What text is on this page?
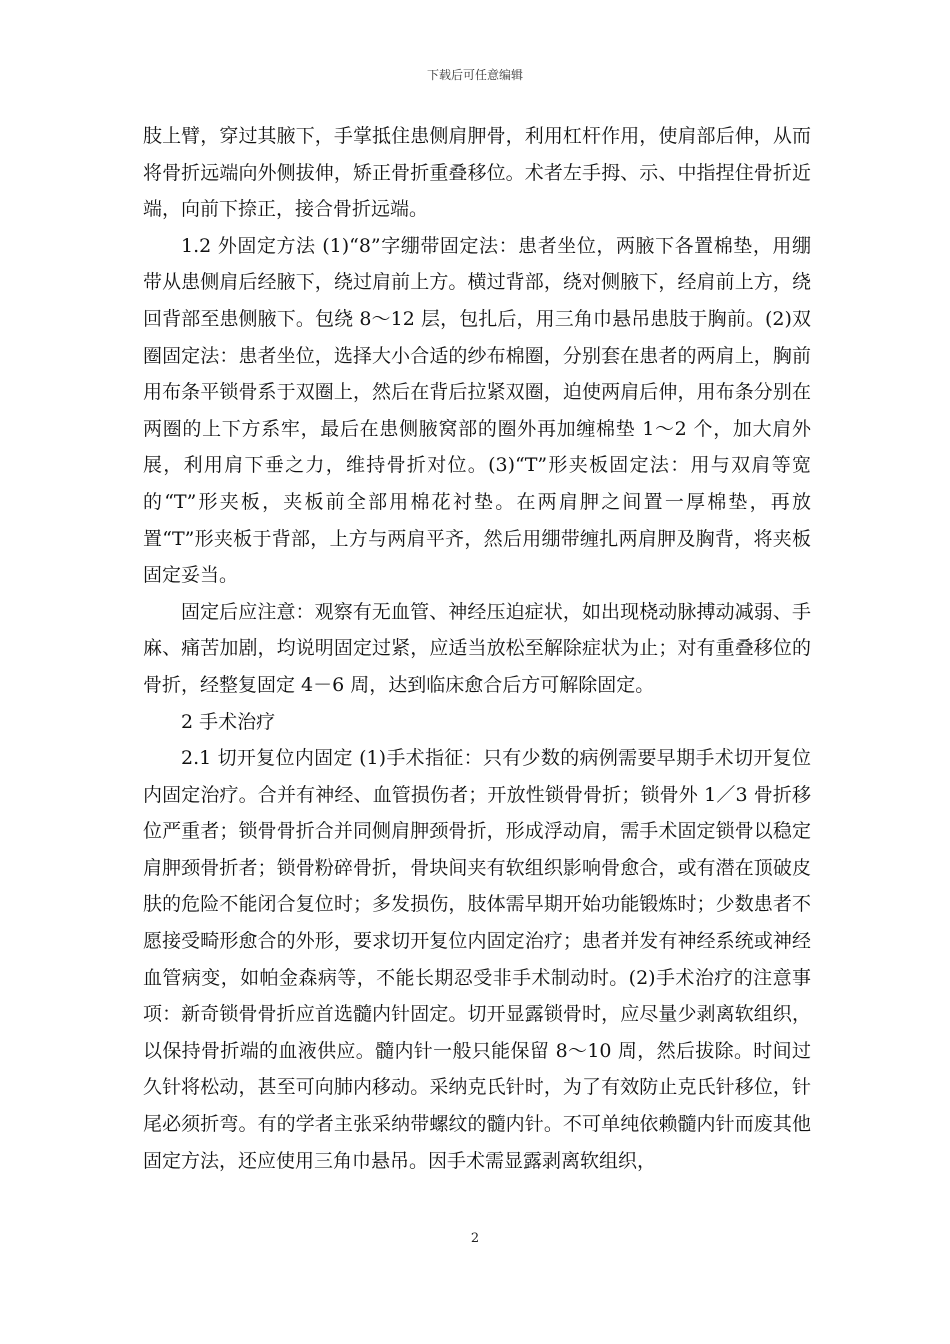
下载后可任意编辑

肢上臂，穿过其腋下，手掌抵住患侧肩胛骨，利用杠杆作用，使肩部后伸，从而将骨折远端向外侧拔伸，矫正骨折重叠移位。术者左手拇、示、中指捏住骨折近端，向前下捺正，接合骨折远端。

1.2 外固定方法 (1)“8”字绷带固定法：患者坐位，两腋下各置棉垫，用绷带从患侧肩后经腋下，绕过肩前上方。横过背部，绕对侧腋下，经肩前上方，绕回背部至患侧腋下。包绕 8～12 层，包扎后，用三角巾悬吊患肢于胸前。(2)双圈固定法：患者坐位，选择大小合适的纱布棉圈，分别套在患者的两肩上，胸前用布条平锁骨系于双圈上，然后在背后拉紧双圈，迫使两肩后伸，用布条分别在两圈的上下方系牢，最后在患侧腋窝部的圈外再加缠棉垫 1～2 个，加大肩外展，利用肩下垂之力，维持骨折对位。(3)“T”形夹板固定法：用与双肩等宽的“T”形夹板，夹板前全部用棉花衬垫。在两肩胛之间置一厚棉垫，再放置“T”形夹板于背部，上方与两肩平齐，然后用绷带缠扎两肩胛及胸背，将夹板固定妥当。

固定后应注意：观察有无血管、神经压迫症状，如出现桡动脉搏动减弱、手麻、痛苦加剧，均说明固定过紧，应适当放松至解除症状为止；对有重叠移位的骨折，经整复固定 4－6 周，达到临床愈合后方可解除固定。

2 手术治疗

2.1 切开复位内固定 (1)手术指征：只有少数的病例需要早期手术切开复位内固定治疗。合并有神经、血管损伤者；开放性锁骨骨折；锁骨外 1／3 骨折移位严重者；锁骨骨折合并同侧肩胛颈骨折，形成浮动肩，需手术固定锁骨以稳定肩胛颈骨折者；锁骨粉碎骨折，骨块间夹有软组织影响骨愈合，或有潜在顶破皮肤的危险不能闭合复位时；多发损伤，肢体需早期开始功能锻炼时；少数患者不愿接受畸形愈合的外形，要求切开复位内固定治疗；患者并发有神经系统或神经血管病变，如帕金森病等，不能长期忍受非手术制动时。(2)手术治疗的注意事项：新奇锁骨骨折应首选髓内针固定。切开显露锁骨时，应尽量少剥离软组织，以保持骨折端的血液供应。髓内针一般只能保留 8～10 周，然后拔除。时间过久针将松动，甚至可向肺内移动。采纳克氏针时，为了有效防止克氏针移位，针尾必须折弯。有的学者主张采纳带螺纹的髓内针。不可单纯依赖髓内针而废其他固定方法，还应使用三角巾悬吊。因手术需显露剥离软组织，

2
